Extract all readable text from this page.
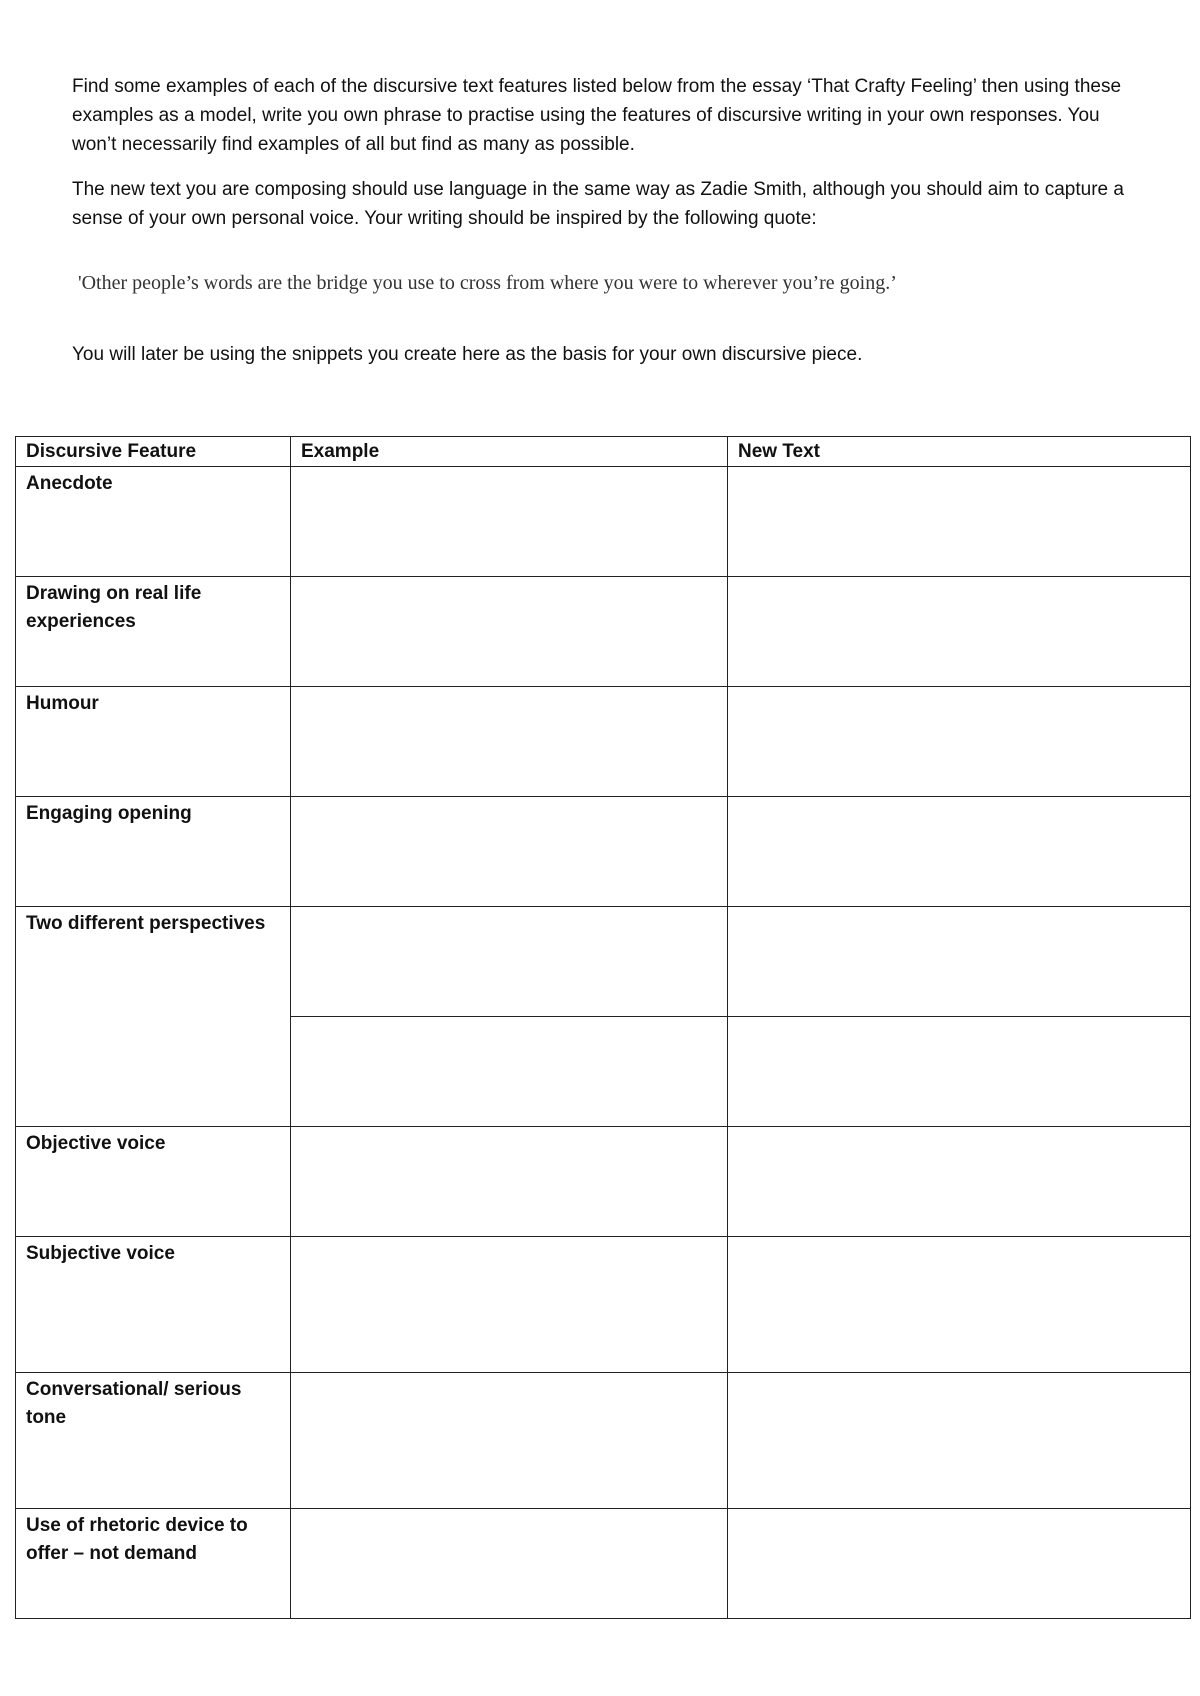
Find some examples of each of the discursive text features listed below from the essay ‘That Crafty Feeling’ then using these examples as a model, write you own phrase to practise using the features of discursive writing in your own responses. You won’t necessarily find examples of all but find as many as possible.

The new text you are composing should use language in the same way as Zadie Smith, although you should aim to capture a sense of your own personal voice. Your writing should be inspired by the following quote:

'Other people’s words are the bridge you use to cross from where you were to wherever you’re going.’
You will later be using the snippets you create here as the basis for your own discursive piece.
Discursive Feature	Example	New Text
Anecdote		
Drawing on real life experiences		
Humour		
Engaging opening		
Two different perspectives		

Objective voice		
Subjective voice		
Conversational/ serious tone		
Use of rhetoric device to offer – not demand		
